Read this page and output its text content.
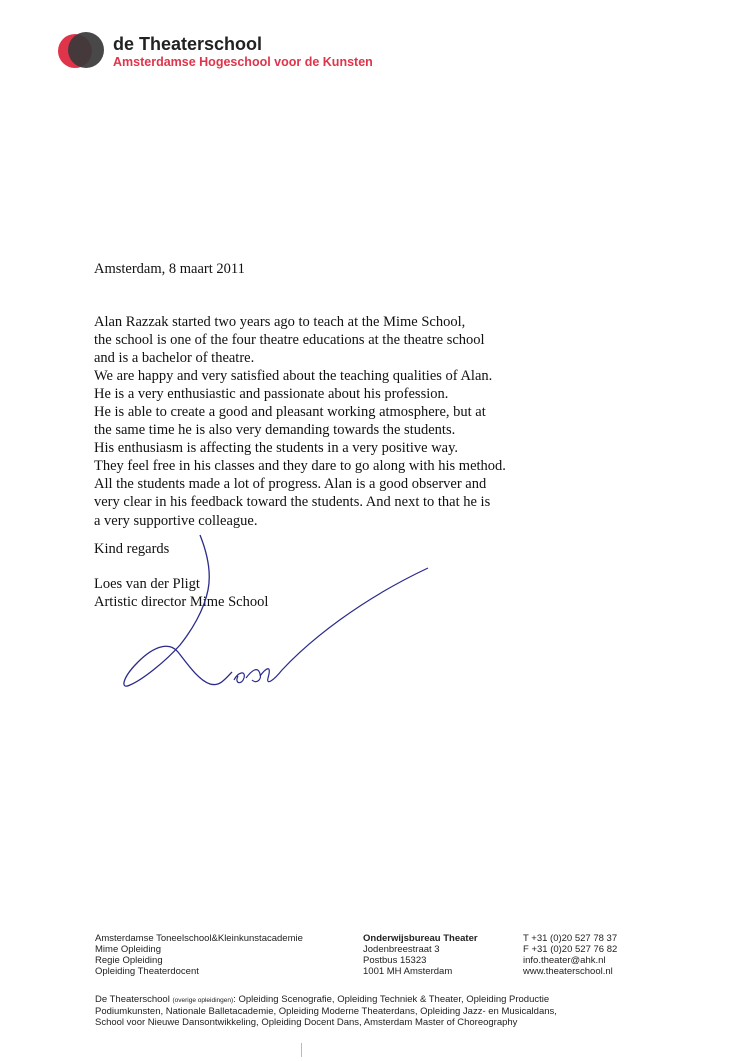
de Theaterschool
Amsterdamse Hogeschool voor de Kunsten
Amsterdam, 8 maart 2011
Alan Razzak started two years ago to teach at the Mime School,
the school is one of the four theatre educations at the theatre school
and is a bachelor of theatre.
We are happy and very satisfied about the teaching qualities of Alan.
He is a very enthusiastic and passionate about his profession.
He is able to create a good and pleasant working atmosphere, but at
the same time he is also very demanding towards the students.
His enthusiasm is affecting the students in a very positive way.
They feel free in his classes and they dare to go along with his method.
All the students made a lot of progress. Alan is a good observer and
very clear in his feedback toward the students. And next to that he is
a very supportive colleague.
Kind regards
Loes van der Pligt
Artistic director Mime School
Amsterdamse Toneelschool&Kleinkunstacademie
Mime Opleiding
Regie Opleiding
Opleiding Theaterdocent
Onderwijsbureau Theater
Jodenbreestraat 3
Postbus 15323
1001 MH Amsterdam
T +31 (0)20 527 78 37
F +31 (0)20 527 76 82
info.theater@ahk.nl
www.theaterschool.nl
De Theaterschool (overige opleidingen): Opleiding Scenografie, Opleiding Techniek & Theater, Opleiding Productie
Podiumkunsten, Nationale Balletacademie, Opleiding Moderne Theaterdans, Opleiding Jazz- en Musicaldans,
School voor Nieuwe Dansontwikkeling, Opleiding Docent Dans, Amsterdam Master of Choreography
